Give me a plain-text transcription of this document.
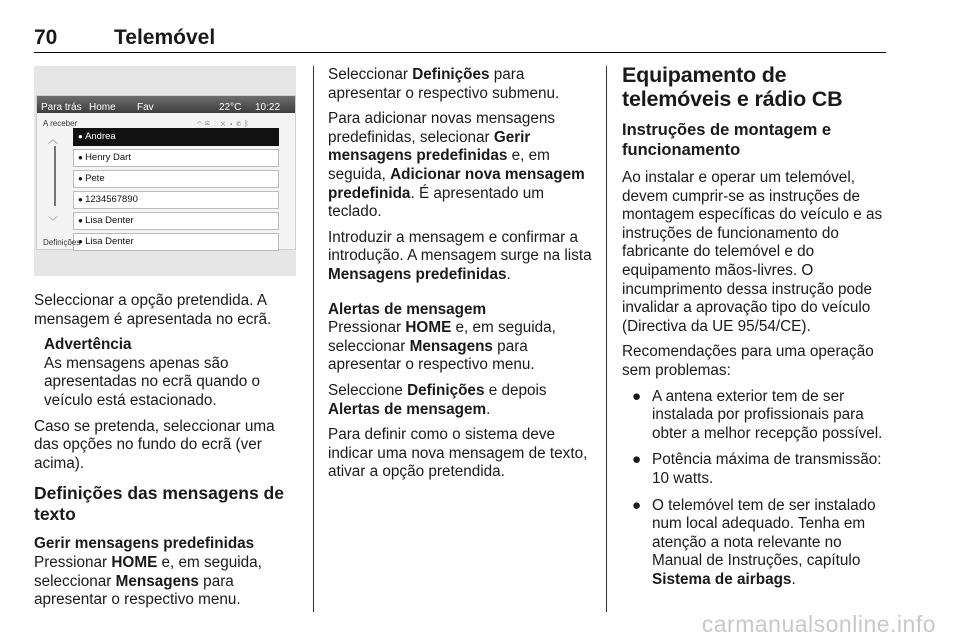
70	Telemóvel
Para trás Home Fav	22°C 10:22
A receber	◠✉⫶✕◂✆ᛒ
︿
﹀
● Andrea
● Henry Dart
● Pete
● 1234567890
● Lisa Denter
● Lisa Denter
Definições

Seleccionar a opção pretendida. A mensagem é apresentada no ecrã.

Advertência

As mensagens apenas são apresentadas no ecrã quando o veículo está estacionado.

Caso se pretenda, seleccionar uma das opções no fundo do ecrã (ver acima).

Definições das mensagens de texto

Gerir mensagens predefinidas

Pressionar HOME e, em seguida, seleccionar Mensagens para apresentar o respectivo menu.

Seleccionar Definições para apresentar o respectivo submenu.

Para adicionar novas mensagens predefinidas, selecionar Gerir mensagens predefinidas e, em seguida, Adicionar nova mensagem predefinida. É apresentado um teclado.

Introduzir a mensagem e confirmar a introdução. A mensagem surge na lista Mensagens predefinidas.

Alertas de mensagem

Pressionar HOME e, em seguida, seleccionar Mensagens para apresentar o respectivo menu.

Seleccione Definições e depois Alertas de mensagem.

Para definir como o sistema deve indicar uma nova mensagem de texto, ativar a opção pretendida.

Equipamento de telemóveis e rádio CB
Instruções de montagem e funcionamento

Ao instalar e operar um telemóvel, devem cumprir-se as instruções de montagem específicas do veículo e as instruções de funcionamento do fabricante do telemóvel e do equipamento mãos-livres. O incumprimento dessa instrução pode invalidar a aprovação tipo do veículo (Directiva da UE 95/54/CE).

Recomendações para uma operação sem problemas:

● A antena exterior tem de ser instalada por profissionais para obter a melhor recepção possível.
● Potência máxima de transmissão: 10 watts.
● O telemóvel tem de ser instalado num local adequado. Tenha em atenção a nota relevante no Manual de Instruções, capítulo Sistema de airbags.
carmanualsonline.info
